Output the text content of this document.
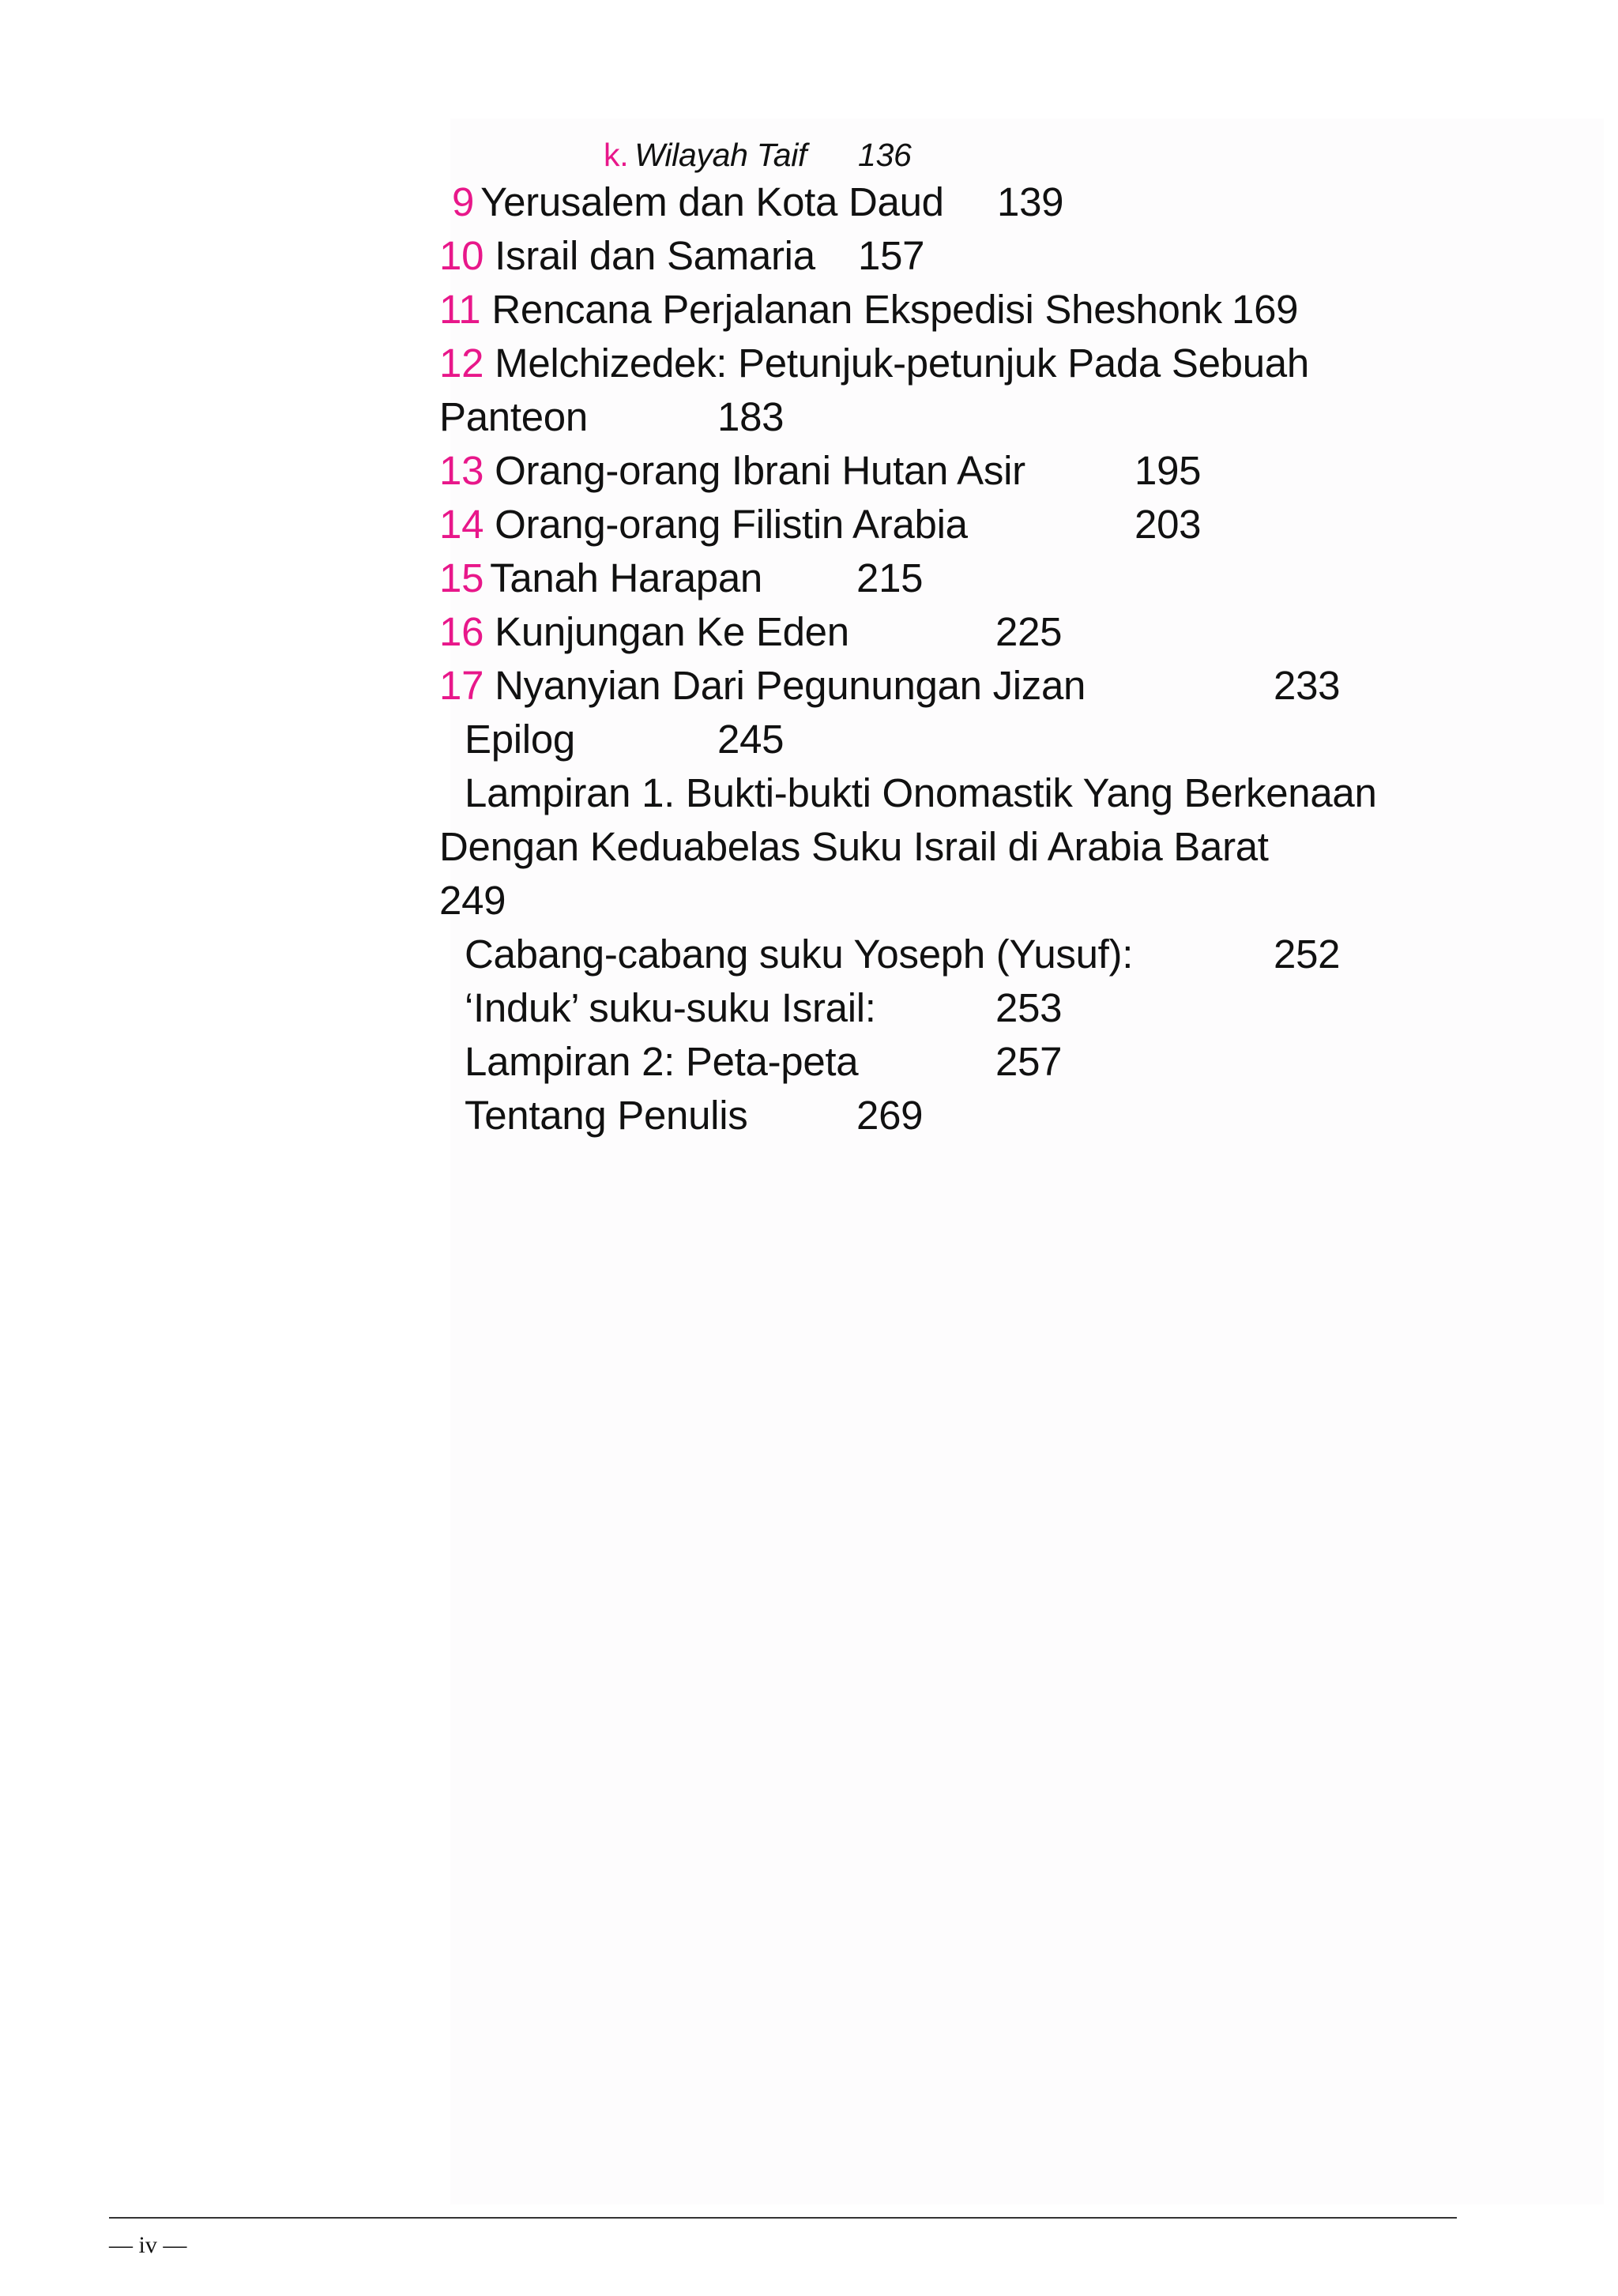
k. Wilayah Taif 136
9 Yerusalem dan Kota Daud 139
10 Israil dan Samaria 157
11 Rencana Perjalanan Ekspedisi Sheshonk 169
12 Melchizedek: Petunjuk-petunjuk Pada Sebuah
Panteon	183
13 Orang-orang Ibrani Hutan Asir	195
14 Orang-orang Filistin Arabia	203
15 Tanah Harapan 215
16 Kunjungan Ke Eden	225
17 Nyanyian Dari Pegunungan Jizan	233
Epilog	245
Lampiran 1. Bukti-bukti Onomastik Yang Berkenaan
Dengan Keduabelas Suku Israil di Arabia Barat
249
Cabang-cabang suku Yoseph (Yusuf):	252
‘Induk’ suku-suku Israil:	253
Lampiran 2: Peta-peta	257
Tentang Penulis	269
— iv —
